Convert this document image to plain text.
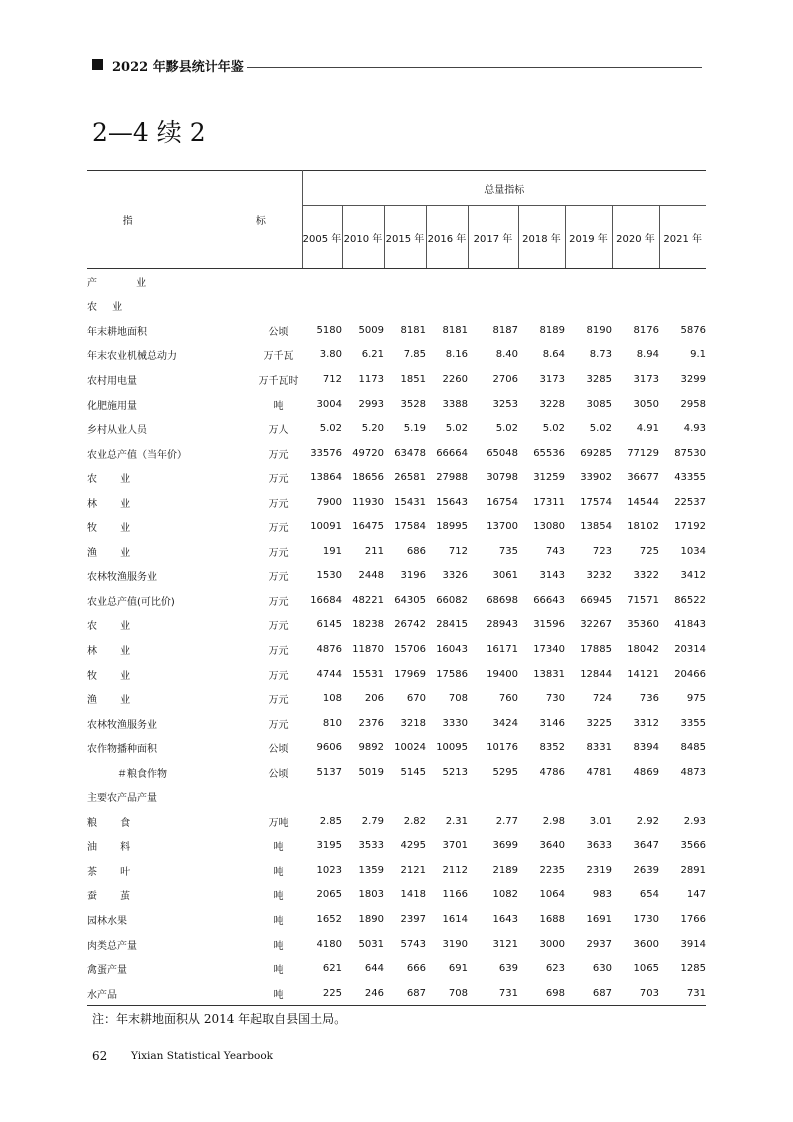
2022 年黟县统计年鉴
2—4 续 2
指 标		总量指标								
		2005 年	2010 年	2015 年	2016 年	2017 年	2018 年	2019 年	2020 年	2021 年
产 业										
农 业										
年末耕地面积	公顷	5180	5009	8181	8181	8187	8189	8190	8176	5876
年末农业机械总动力	万千瓦	3.80	6.21	7.85	8.16	8.40	8.64	8.73	8.94	9.1
农村用电量	万千瓦时	712	1173	1851	2260	2706	3173	3285	3173	3299
化肥施用量	吨	3004	2993	3528	3388	3253	3228	3085	3050	2958
乡村从业人员	万人	5.02	5.20	5.19	5.02	5.02	5.02	5.02	4.91	4.93
农业总产值（当年价）	万元	33576	49720	63478	66664	65048	65536	69285	77129	87530
农 业	万元	13864	18656	26581	27988	30798	31259	33902	36677	43355
林 业	万元	7900	11930	15431	15643	16754	17311	17574	14544	22537
牧 业	万元	10091	16475	17584	18995	13700	13080	13854	18102	17192
渔 业	万元	191	211	686	712	735	743	723	725	1034
农林牧渔服务业	万元	1530	2448	3196	3326	3061	3143	3232	3322	3412
农业总产值(可比价)	万元	16684	48221	64305	66082	68698	66643	66945	71571	86522
农 业	万元	6145	18238	26742	28415	28943	31596	32267	35360	41843
林 业	万元	4876	11870	15706	16043	16171	17340	17885	18042	20314
牧 业	万元	4744	15531	17969	17586	19400	13831	12844	14121	20466
渔 业	万元	108	206	670	708	760	730	724	736	975
农林牧渔服务业	万元	810	2376	3218	3330	3424	3146	3225	3312	3355
农作物播种面积	公顷	9606	9892	10024	10095	10176	8352	8331	8394	8485
＃粮食作物	公顷	5137	5019	5145	5213	5295	4786	4781	4869	4873
主要农产品产量										
粮 食	万吨	2.85	2.79	2.82	2.31	2.77	2.98	3.01	2.92	2.93
油 料	吨	3195	3533	4295	3701	3699	3640	3633	3647	3566
茶 叶	吨	1023	1359	2121	2112	2189	2235	2319	2639	2891
蚕 茧	吨	2065	1803	1418	1166	1082	1064	983	654	147
园林水果	吨	1652	1890	2397	1614	1643	1688	1691	1730	1766
肉类总产量	吨	4180	5031	5743	3190	3121	3000	2937	3600	3914
禽蛋产量	吨	621	644	666	691	639	623	630	1065	1285
水产品	吨	225	246	687	708	731	698	687	703	731
注：年末耕地面积从 2014 年起取自县国土局。
62 Yixian Statistical Yearbook
